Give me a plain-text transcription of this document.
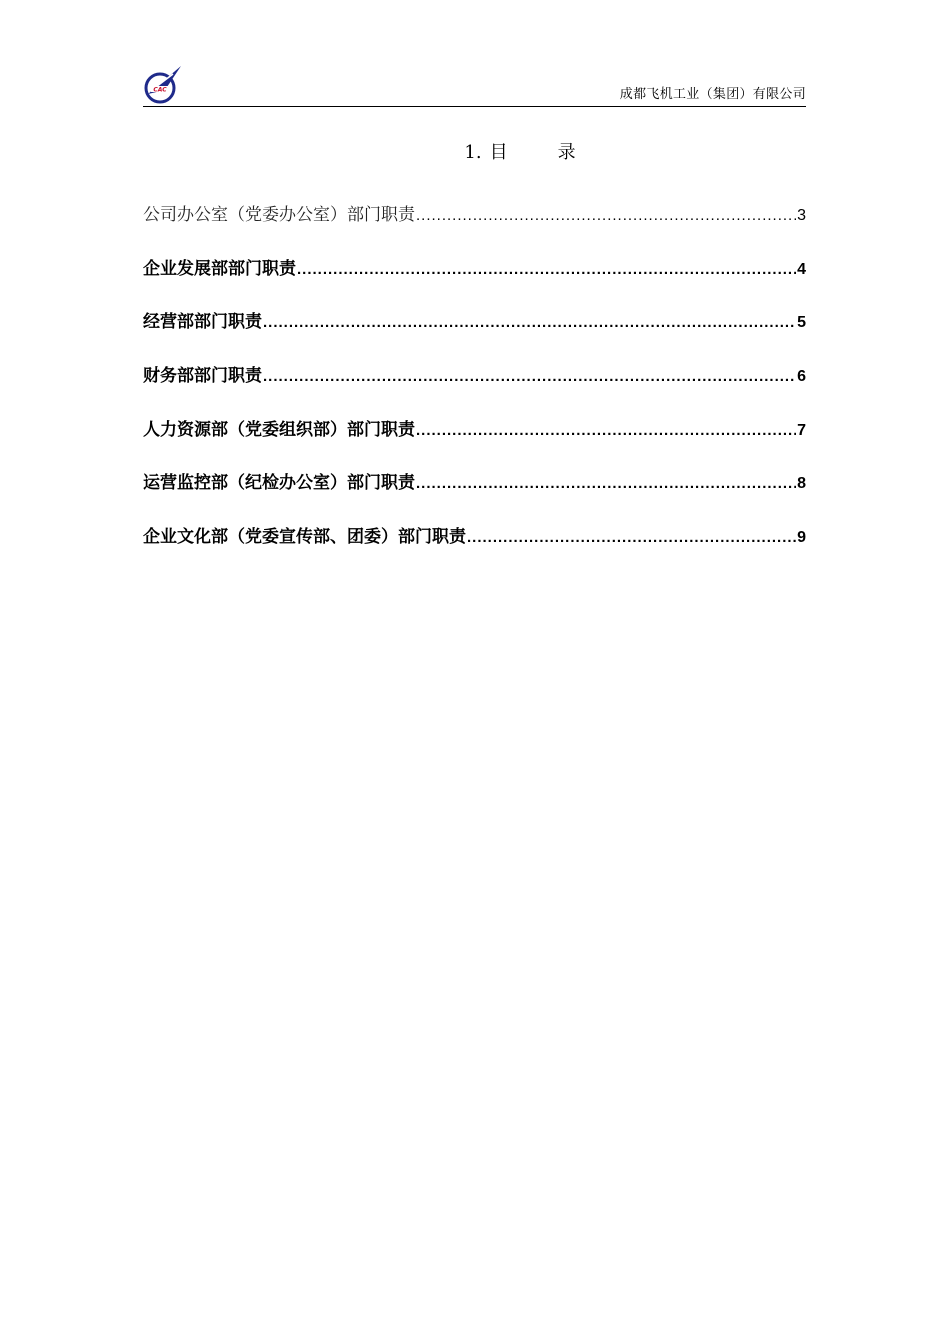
CAC	成都飞机工业（集团）有限公司
1. 目	录
公司办公室（党委办公室）部门职责 .....	3
企业发展部部门职责 .....	4
经营部部门职责 .....	5
财务部部门职责 .....	6
人力资源部（党委组织部）部门职责 .....	7
运营监控部（纪检办公室）部门职责 .....	8
企业文化部（党委宣传部、团委）部门职责 .....	9
